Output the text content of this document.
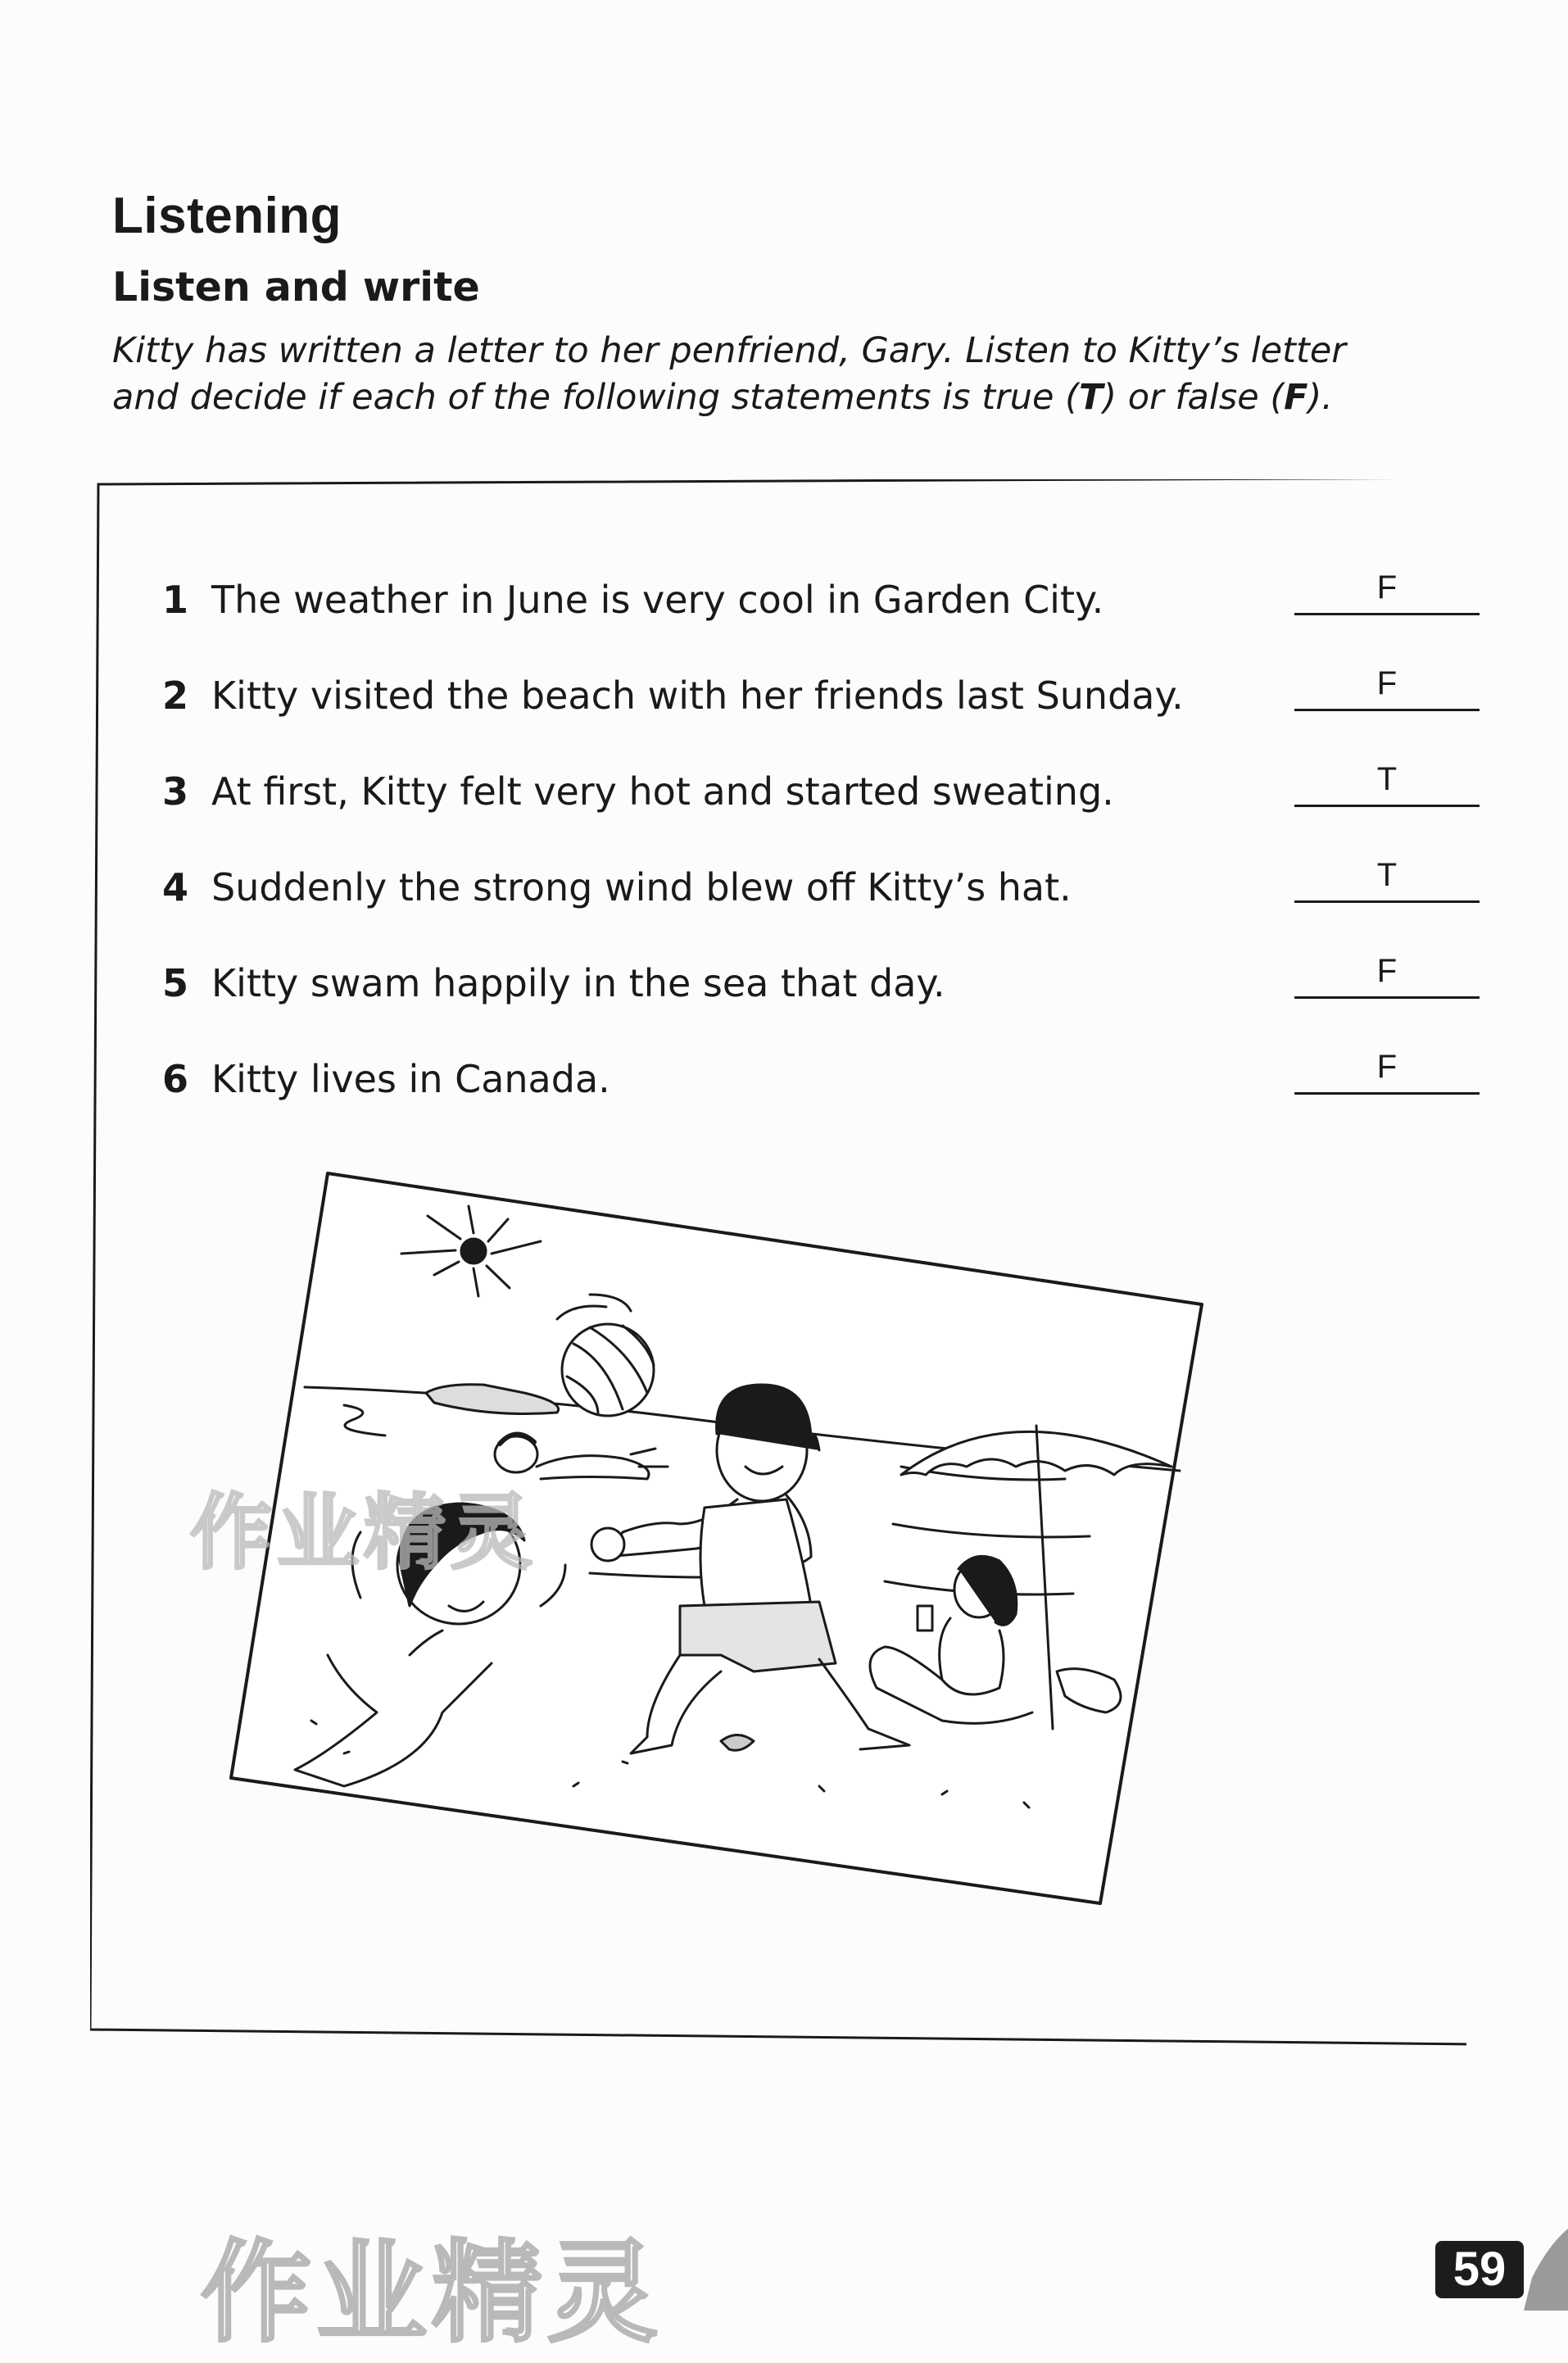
Listening
Listen and write

Kitty has written a letter to her penfriend, Gary. Listen to Kitty’s letter and decide if each of the following statements is true (T) or false (F).

1 The weather in June is very cool in Garden City.	F
2 Kitty visited the beach with her friends last Sunday.	F
3 At first, Kitty felt very hot and started sweating.	T
4 Suddenly the strong wind blew off Kitty’s hat.	T
5 Kitty swam happily in the sea that day.	F
6 Kitty lives in Canada.	F
作业精灵
作业精灵	59
